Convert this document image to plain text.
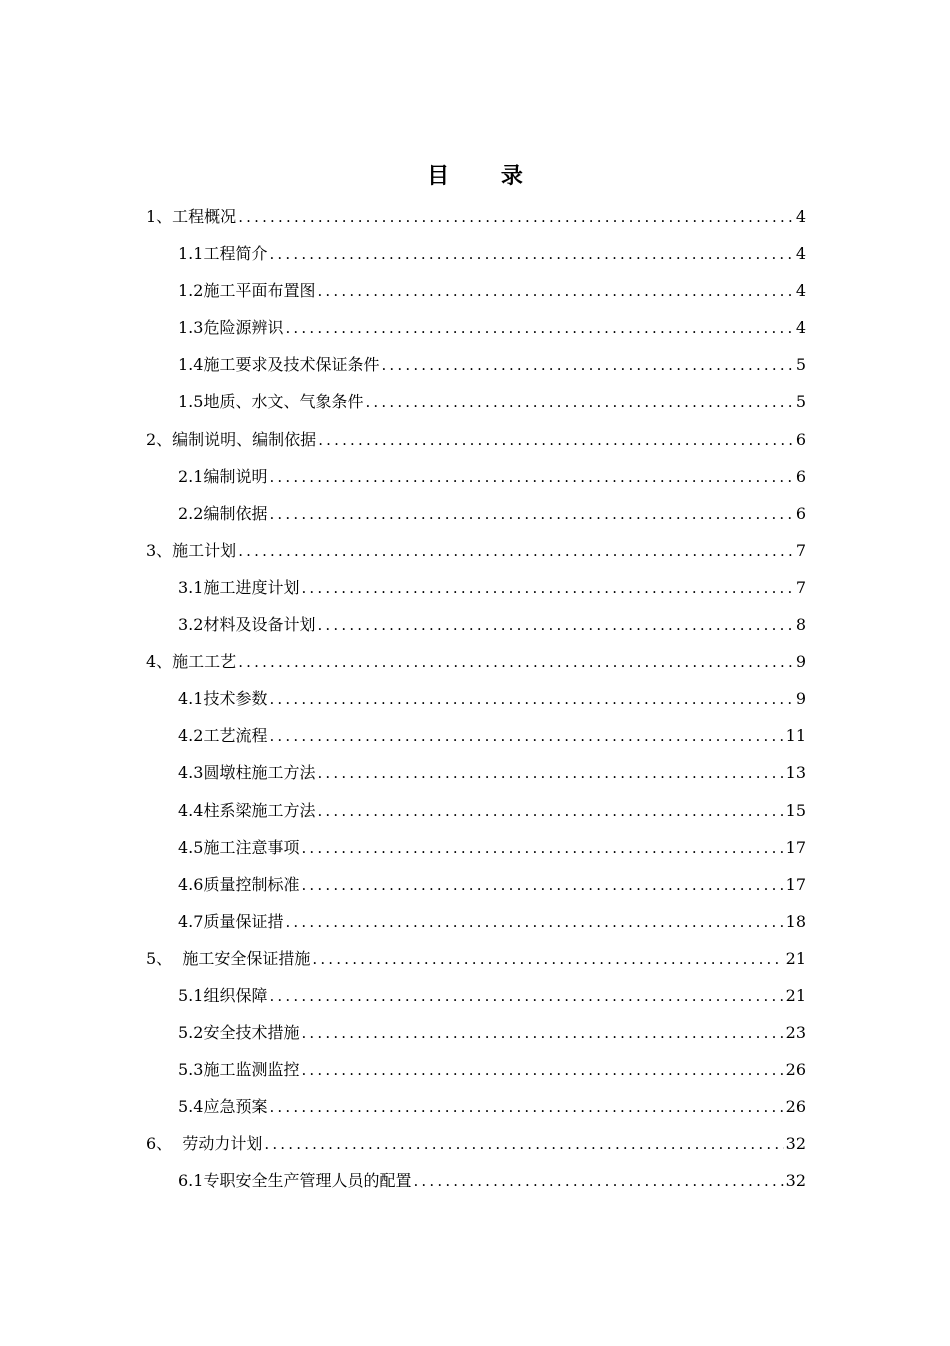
目 录
1、工程概况 .....	4
1.1工程简介 .....	4
1.2施工平面布置图 .....	4
1.3危险源辨识 .....	4
1.4施工要求及技术保证条件 .....	5
1.5地质、水文、气象条件 .....	5
2、编制说明、编制依据 .....	6
2.1编制说明 .....	6
2.2编制依据 .....	6
3、施工计划 .....	7
3.1施工进度计划 .....	7
3.2材料及设备计划 .....	8
4、施工工艺 .....	9
4.1技术参数 .....	9
4.2工艺流程 .....	11
4.3圆墩柱施工方法 .....	13
4.4柱系梁施工方法 .....	15
4.5施工注意事项 .....	17
4.6质量控制标准 .....	17
4.7质量保证措 .....	18
5、  施工安全保证措施 .....	21
5.1组织保障 .....	21
5.2安全技术措施 .....	23
5.3施工监测监控 .....	26
5.4应急预案 .....	26
6、  劳动力计划 .....	32
6.1专职安全生产管理人员的配置 .....	32
